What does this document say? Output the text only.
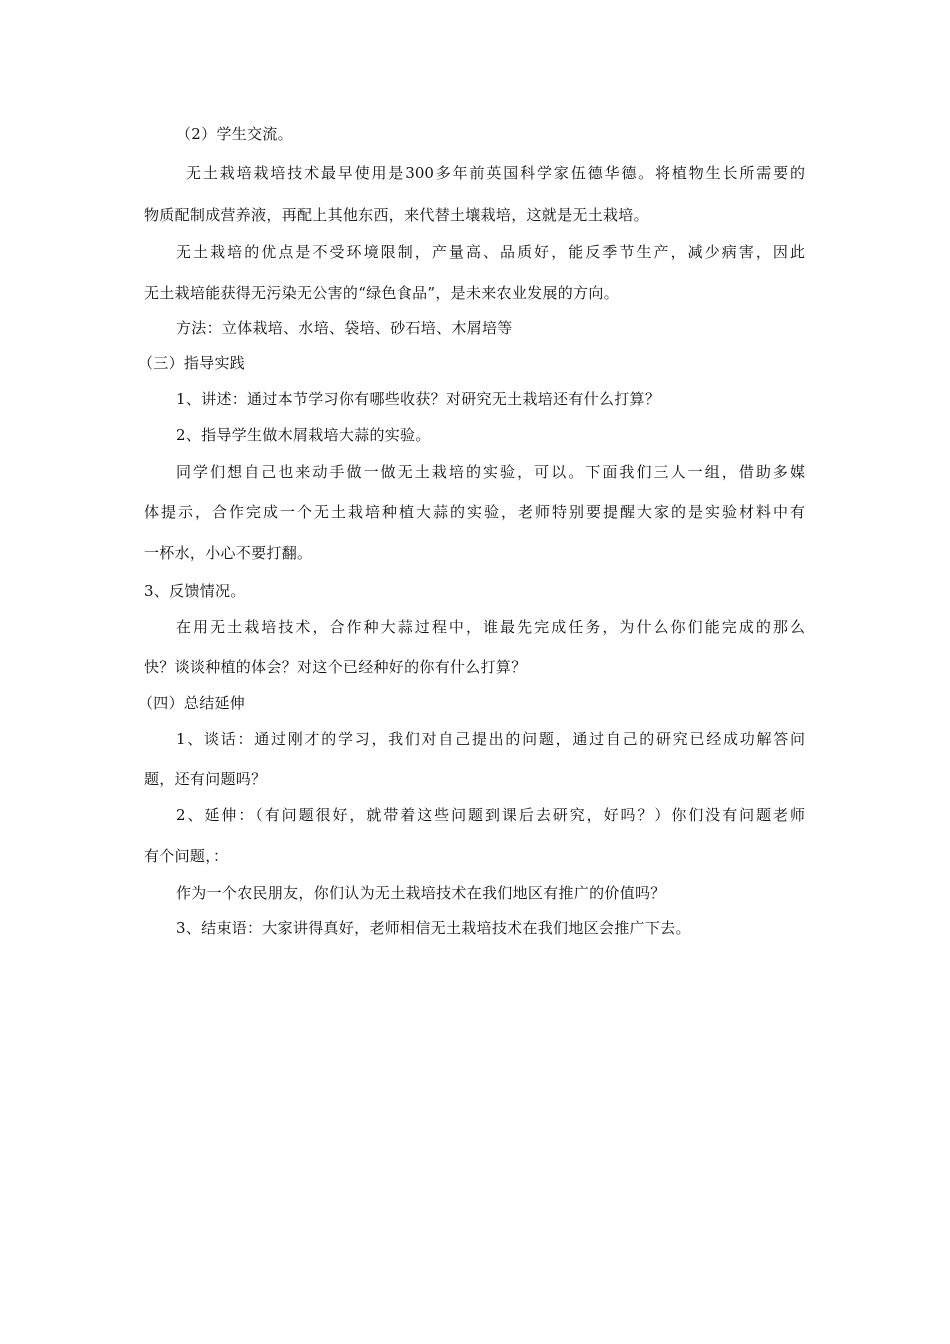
（2）学生交流。
无土栽培栽培技术最早使用是300多年前英国科学家伍德华德。将植物生长所需要的
物质配制成营养液，再配上其他东西，来代替土壤栽培，这就是无土栽培。
无土栽培的优点是不受环境限制，产量高、品质好，能反季节生产，减少病害，因此
无土栽培能获得无污染无公害的“绿色食品”，是未来农业发展的方向。
方法：立体栽培、水培、袋培、砂石培、木屑培等
（三）指导实践
1、讲述：通过本节学习你有哪些收获？对研究无土栽培还有什么打算？
2、指导学生做木屑栽培大蒜的实验。
同学们想自己也来动手做一做无土栽培的实验，可以。下面我们三人一组，借助多媒
体提示，合作完成一个无土栽培种植大蒜的实验，老师特别要提醒大家的是实验材料中有
一杯水，小心不要打翻。
3、反馈情况。
在用无土栽培技术，合作种大蒜过程中，谁最先完成任务，为什么你们能完成的那么
快？谈谈种植的体会？对这个已经种好的你有什么打算？
（四）总结延伸
1、谈话：通过刚才的学习，我们对自己提出的问题，通过自己的研究已经成功解答问
题，还有问题吗？
2、延伸：（有问题很好，就带着这些问题到课后去研究，好吗？）你们没有问题老师
有个问题，：
作为一个农民朋友，你们认为无土栽培技术在我们地区有推广的价值吗？
3、结束语：大家讲得真好，老师相信无土栽培技术在我们地区会推广下去。
